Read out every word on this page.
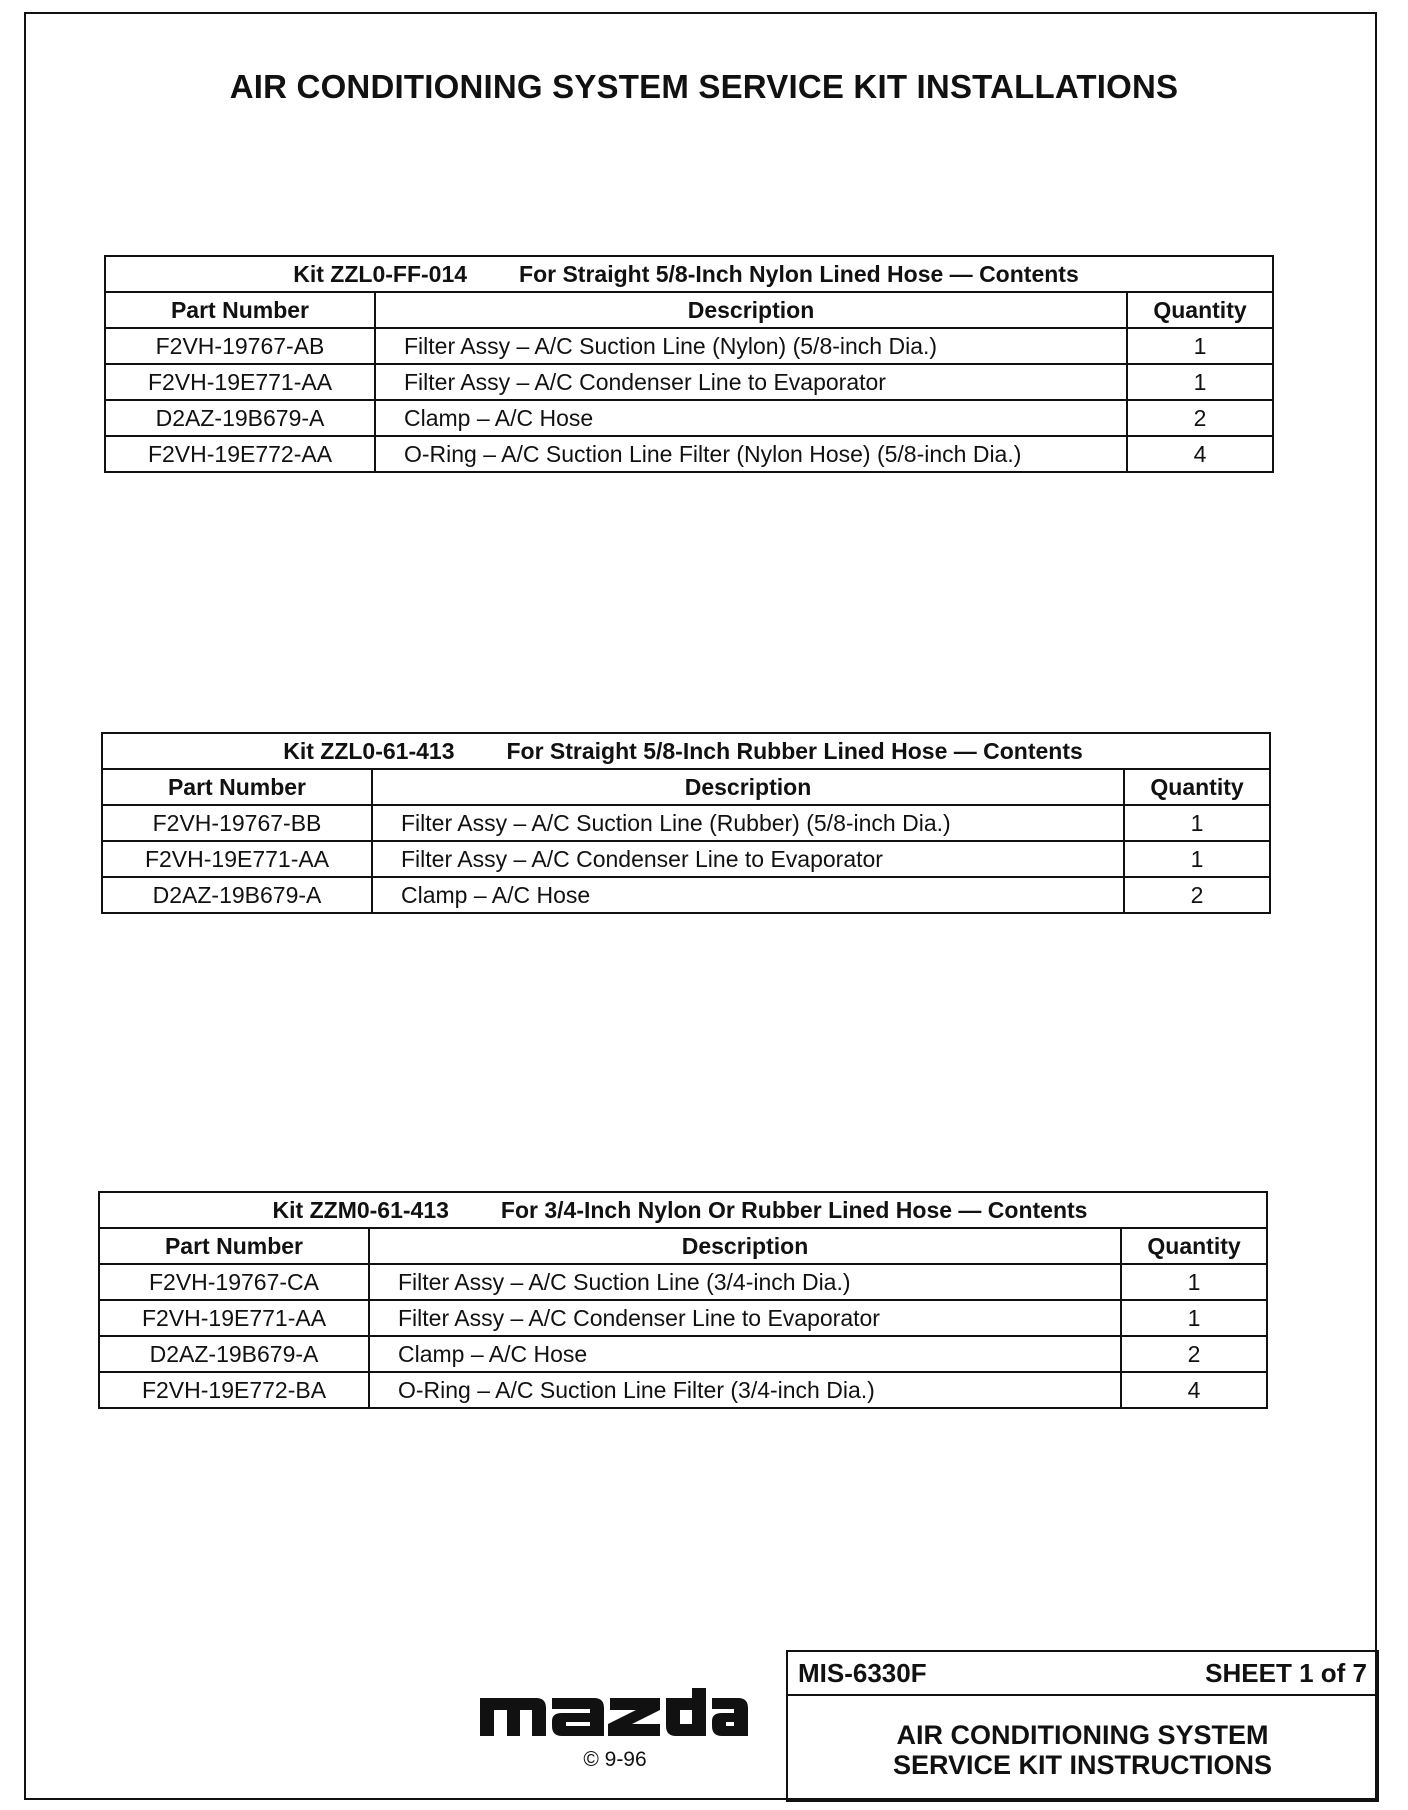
AIR CONDITIONING SYSTEM SERVICE KIT INSTALLATIONS
Kit ZZL0-FF-014 For Straight 5/8-Inch Nylon Lined Hose — Contents		
Part Number	Description	Quantity
F2VH-19767-AB	Filter Assy – A/C Suction Line (Nylon) (5/8-inch Dia.)	1
F2VH-19E771-AA	Filter Assy – A/C Condenser Line to Evaporator	1
D2AZ-19B679-A	Clamp – A/C Hose	2
F2VH-19E772-AA	O-Ring – A/C Suction Line Filter (Nylon Hose) (5/8-inch Dia.)	4
Kit ZZL0-61-413 For Straight 5/8-Inch Rubber Lined Hose — Contents		
Part Number	Description	Quantity
F2VH-19767-BB	Filter Assy – A/C Suction Line (Rubber) (5/8-inch Dia.)	1
F2VH-19E771-AA	Filter Assy – A/C Condenser Line to Evaporator	1
D2AZ-19B679-A	Clamp – A/C Hose	2
Kit ZZM0-61-413 For 3/4-Inch Nylon Or Rubber Lined Hose — Contents		
Part Number	Description	Quantity
F2VH-19767-CA	Filter Assy – A/C Suction Line (3/4-inch Dia.)	1
F2VH-19E771-AA	Filter Assy – A/C Condenser Line to Evaporator	1
D2AZ-19B679-A	Clamp – A/C Hose	2
F2VH-19E772-BA	O-Ring – A/C Suction Line Filter (3/4-inch Dia.)	4
© 9-96
MIS-6330F	SHEET 1 of 7
AIR CONDITIONING SYSTEM
SERVICE KIT INSTRUCTIONS
